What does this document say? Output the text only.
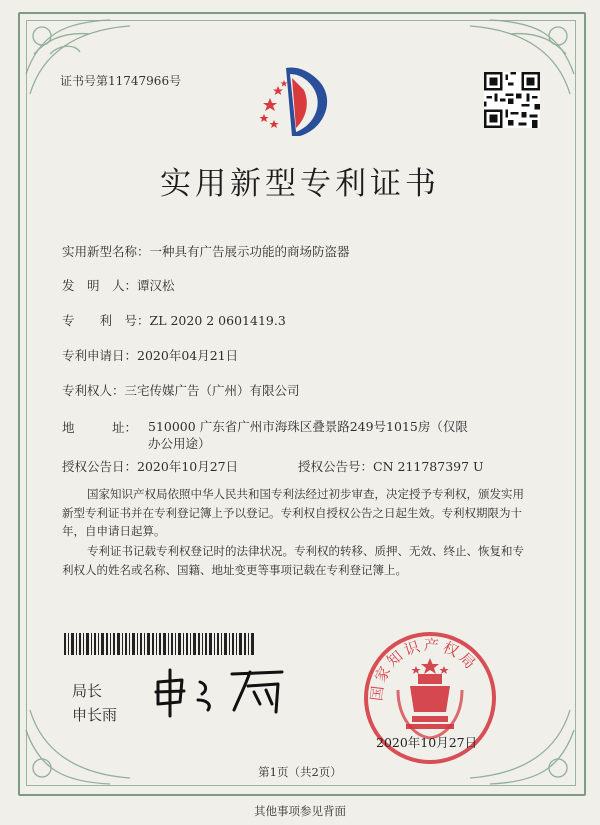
证书号第11747966号
实用新型专利证书
实用新型名称：一种具有广告展示功能的商场防盗器
发　明　人：谭汉松
专　　利　号：ZL 2020 2 0601419.3
专利申请日：2020年04月21日
专利权人：三宅传媒广告（广州）有限公司
地　　　址： 510000 广东省广州市海珠区叠景路249号1015房（仅限办公用途）
授权公告日：2020年10月27日	授权公告号：CN 211787397 U
国家知识产权局依照中华人民共和国专利法经过初步审查，决定授予专利权，颁发实用新型专利证书并在专利登记簿上予以登记。专利权自授权公告之日起生效。专利权期限为十年，自申请日起算。
专利证书记载专利权登记时的法律状况。专利权的转移、质押、无效、终止、恢复和专利权人的姓名或名称、国籍、地址变更等事项记载在专利登记簿上。
局长
申长雨
国家知识产权局
2020年10月27日
第1页（共2页）
其他事项参见背面
